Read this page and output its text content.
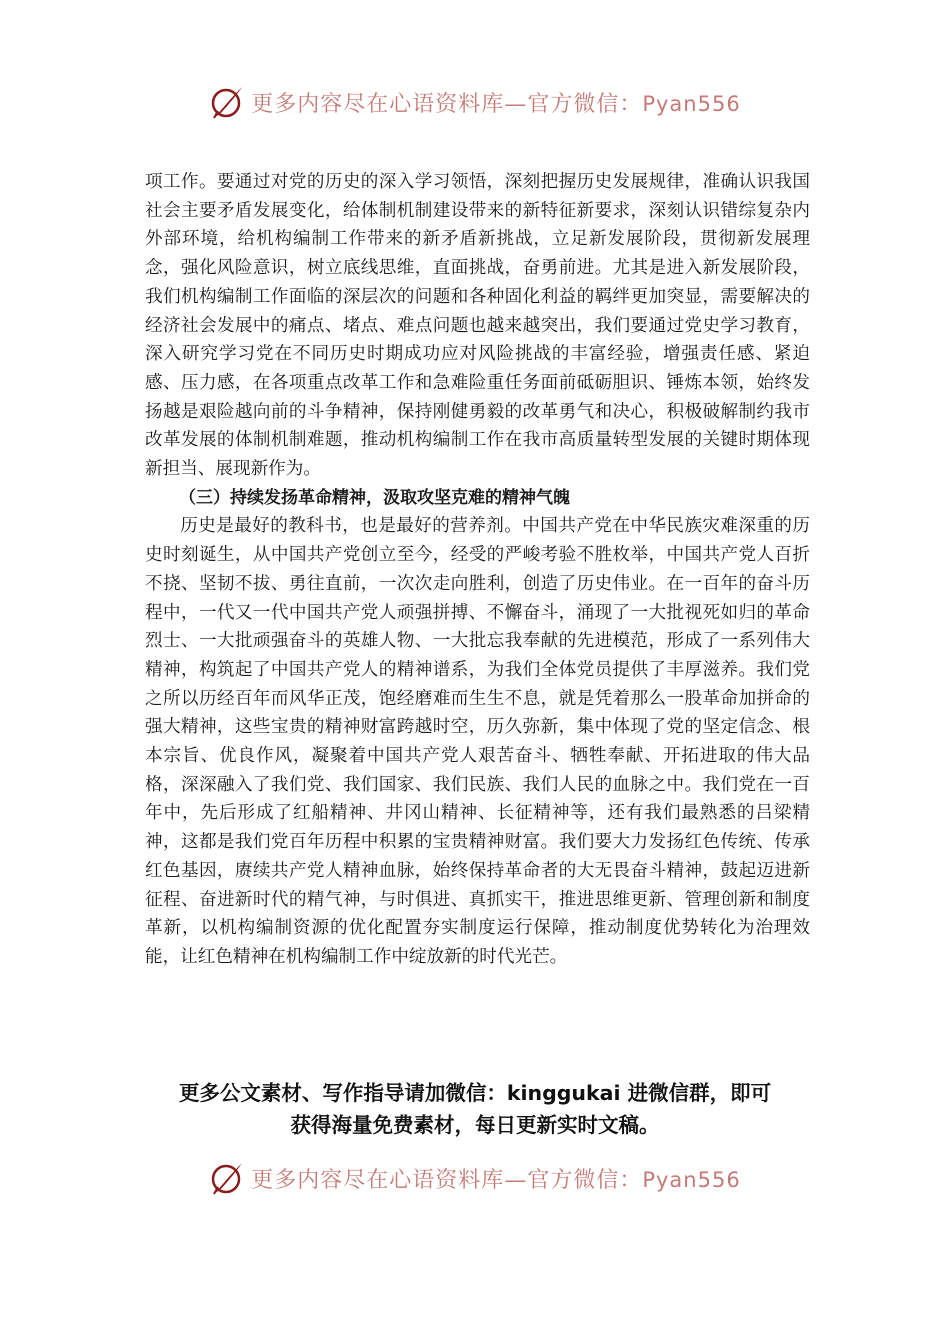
更多内容尽在心语资料库—官方微信：Pyan556

项工作。要通过对党的历史的深入学习领悟，深刻把握历史发展规律，准确认识我国社会主要矛盾发展变化，给体制机制建设带来的新特征新要求，深刻认识错综复杂内外部环境，给机构编制工作带来的新矛盾新挑战，立足新发展阶段，贯彻新发展理念，强化风险意识，树立底线思维，直面挑战，奋勇前进。尤其是进入新发展阶段，我们机构编制工作面临的深层次的问题和各种固化利益的羁绊更加突显，需要解决的经济社会发展中的痛点、堵点、难点问题也越来越突出，我们要通过党史学习教育，深入研究学习党在不同历史时期成功应对风险挑战的丰富经验，增强责任感、紧迫感、压力感，在各项重点改革工作和急难险重任务面前砥砺胆识、锤炼本领，始终发扬越是艰险越向前的斗争精神，保持刚健勇毅的改革勇气和决心，积极破解制约我市改革发展的体制机制难题，推动机构编制工作在我市高质量转型发展的关键时期体现新担当、展现新作为。

（三）持续发扬革命精神，汲取攻坚克难的精神气魄

历史是最好的教科书，也是最好的营养剂。中国共产党在中华民族灾难深重的历史时刻诞生，从中国共产党创立至今，经受的严峻考验不胜枚举，中国共产党人百折不挠、坚韧不拔、勇往直前，一次次走向胜利，创造了历史伟业。在一百年的奋斗历程中，一代又一代中国共产党人顽强拼搏、不懈奋斗，涌现了一大批视死如归的革命烈士、一大批顽强奋斗的英雄人物、一大批忘我奉献的先进模范，形成了一系列伟大精神，构筑起了中国共产党人的精神谱系，为我们全体党员提供了丰厚滋养。我们党之所以历经百年而风华正茂，饱经磨难而生生不息，就是凭着那么一股革命加拼命的强大精神，这些宝贵的精神财富跨越时空，历久弥新，集中体现了党的坚定信念、根本宗旨、优良作风，凝聚着中国共产党人艰苦奋斗、牺牲奉献、开拓进取的伟大品格，深深融入了我们党、我们国家、我们民族、我们人民的血脉之中。我们党在一百年中，先后形成了红船精神、井冈山精神、长征精神等，还有我们最熟悉的吕梁精神，这都是我们党百年历程中积累的宝贵精神财富。我们要大力发扬红色传统、传承红色基因，赓续共产党人精神血脉，始终保持革命者的大无畏奋斗精神，鼓起迈进新征程、奋进新时代的精气神，与时俱进、真抓实干，推进思维更新、管理创新和制度革新，以机构编制资源的优化配置夯实制度运行保障，推动制度优势转化为治理效能，让红色精神在机构编制工作中绽放新的时代光芒。

更多公文素材、写作指导请加微信：kinggukai 进微信群，即可
获得海量免费素材，每日更新实时文稿。
更多内容尽在心语资料库—官方微信：Pyan556
